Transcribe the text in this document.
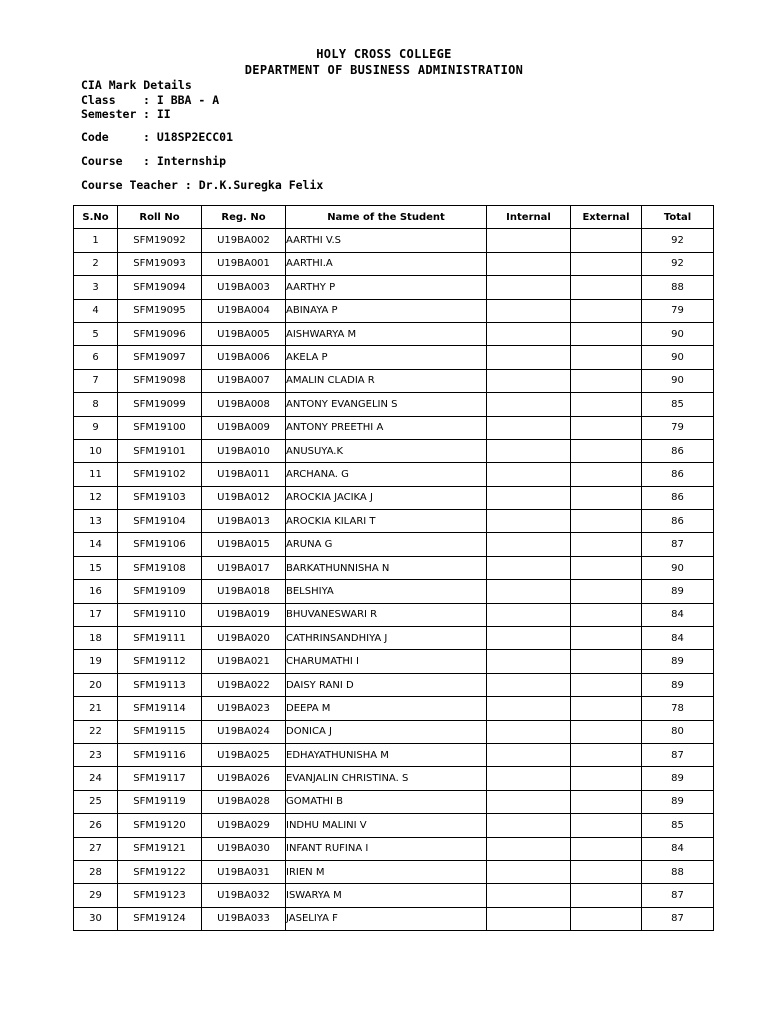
HOLY CROSS COLLEGE
DEPARTMENT OF BUSINESS ADMINISTRATION
CIA Mark Details
Class : I BBA - A
Semester : II
Code	: U18SP2ECC01
Course : Internship
Course Teacher : Dr.K.Suregka Felix
S.No	Roll No	Reg. No	Name of the Student	Internal	External	Total
1	SFM19092	U19BA002	AARTHI V.S			92
2	SFM19093	U19BA001	AARTHI.A			92
3	SFM19094	U19BA003	AARTHY P			88
4	SFM19095	U19BA004	ABINAYA P			79
5	SFM19096	U19BA005	AISHWARYA M			90
6	SFM19097	U19BA006	AKELA P			90
7	SFM19098	U19BA007	AMALIN CLADIA R			90
8	SFM19099	U19BA008	ANTONY EVANGELIN S			85
9	SFM19100	U19BA009	ANTONY PREETHI A			79
10	SFM19101	U19BA010	ANUSUYA.K			86
11	SFM19102	U19BA011	ARCHANA. G			86
12	SFM19103	U19BA012	AROCKIA JACIKA J			86
13	SFM19104	U19BA013	AROCKIA KILARI T			86
14	SFM19106	U19BA015	ARUNA G			87
15	SFM19108	U19BA017	BARKATHUNNISHA N			90
16	SFM19109	U19BA018	BELSHIYA			89
17	SFM19110	U19BA019	BHUVANESWARI R			84
18	SFM19111	U19BA020	CATHRINSANDHIYA J			84
19	SFM19112	U19BA021	CHARUMATHI I			89
20	SFM19113	U19BA022	DAISY RANI D			89
21	SFM19114	U19BA023	DEEPA M			78
22	SFM19115	U19BA024	DONICA J			80
23	SFM19116	U19BA025	EDHAYATHUNISHA M			87
24	SFM19117	U19BA026	EVANJALIN CHRISTINA. S			89
25	SFM19119	U19BA028	GOMATHI B			89
26	SFM19120	U19BA029	INDHU MALINI V			85
27	SFM19121	U19BA030	INFANT RUFINA I			84
28	SFM19122	U19BA031	IRIEN M			88
29	SFM19123	U19BA032	ISWARYA M			87
30	SFM19124	U19BA033	JASELIYA F			87
